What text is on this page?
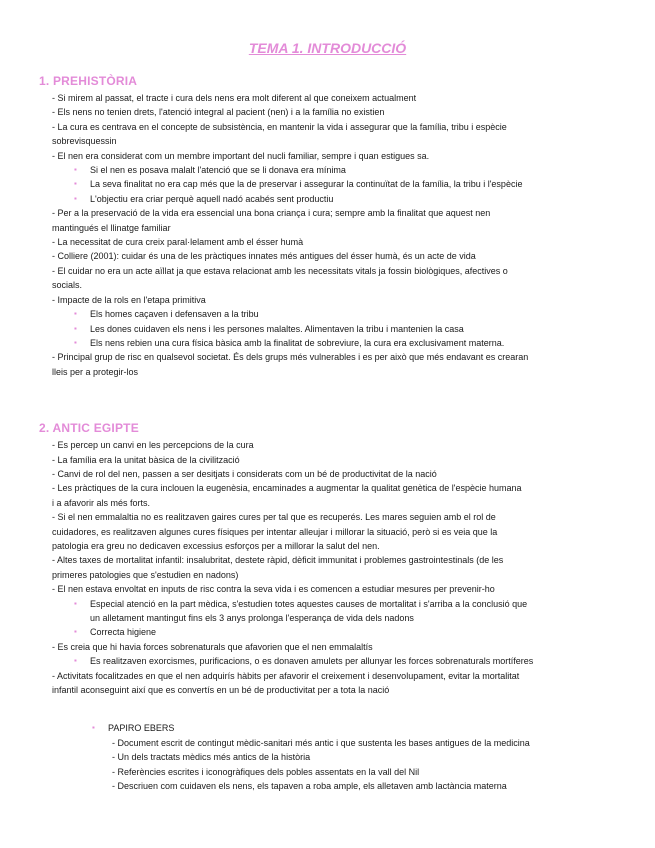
TEMA 1. INTRODUCCIÓ
1. PREHISTÒRIA
- Si mirem al passat, el tracte i cura dels nens era molt diferent al que coneixem actualment
- Els nens no tenien drets, l'atenció integral al pacient (nen) i a la família no existien
- La cura es centrava en el concepte de subsistència, en mantenir la vida i assegurar que la família, tribu i espècie
sobrevisquessin
- El nen era considerat com un membre important del nucli familiar, sempre i quan estigues sa.
▪	Si el nen es posava malalt l'atenció que se li donava era mínima
▪	La seva finalitat no era cap més que la de preservar i assegurar la continuïtat de la família, la tribu i l'espècie
▪	L'objectiu era criar perquè aquell nadó acabés sent productiu
- Per a la preservació de la vida era essencial una bona criança i cura; sempre amb la finalitat que aquest nen
mantingués el llinatge familiar
- La necessitat de cura creix paral·lelament amb el ésser humà
- Colliere (2001): cuidar és una de les pràctiques innates més antigues del ésser humà, és un acte de vida
- El cuidar no era un acte aïllat ja que estava relacionat amb les necessitats vitals ja fossin biològiques, afectives o
socials.
- Impacte de la rols en l'etapa primitiva
▪	Els homes caçaven i defensaven a la tribu
▪	Les dones cuidaven els nens i les persones malaltes. Alimentaven la tribu i mantenien la casa
▪	Els nens rebien una cura física bàsica amb la finalitat de sobreviure, la cura era exclusivament materna.
- Principal grup de risc en qualsevol societat. És dels grups més vulnerables i es per això que més endavant es crearan
lleis per a protegir-los
2. ANTIC EGIPTE
- Es percep un canvi en les percepcions de la cura
- La família era la unitat bàsica de la civilització
- Canvi de rol del nen, passen a ser desitjats i considerats com un bé de productivitat de la nació
- Les pràctiques de la cura inclouen la eugenèsia, encaminades a augmentar la qualitat genètica de l'espècie humana
i a afavorir als més forts.
- Si el nen emmalaltia no es realitzaven gaires cures per tal que es recuperés. Les mares seguien amb el rol de
cuidadores, es realitzaven algunes cures físiques per intentar alleujar i millorar la situació, però si es veia que la
patologia era greu no dedicaven excessius esforços per a millorar la salut del nen.
- Altes taxes de mortalitat infantil: insalubritat, destete ràpid, dèficit immunitat i problemes gastrointestinals (de les
primeres patologies que s'estudien en nadons)
- El nen estava envoltat en inputs de risc contra la seva vida i es comencen a estudiar mesures per prevenir-ho
▪	Especial atenció en la part mèdica, s'estudien totes aquestes causes de mortalitat i s'arriba a la conclusió que
un alletament mantingut fins els 3 anys prolonga l'esperança de vida dels nadons
▪	Correcta higiene
- Es creia que hi havia forces sobrenaturals que afavorien que el nen emmalaltís
▪	Es realitzaven exorcismes, purificacions, o es donaven amulets per allunyar les forces sobrenaturals mortíferes
- Activitats focalitzades en que el nen adquirís hàbits per afavorir el creixement i desenvolupament, evitar la mortalitat
infantil aconseguint així que es convertís en un bé de productivitat per a tota la nació
▪	PAPIRO EBERS
- Document escrit de contingut mèdic-sanitari més antic i que sustenta les bases antigues de la medicina
- Un dels tractats mèdics més antics de la història
- Referències escrites i iconogràfiques dels pobles assentats en la vall del Nil
- Descriuen com cuidaven els nens, els tapaven a roba ample, els alletaven amb lactància materna
